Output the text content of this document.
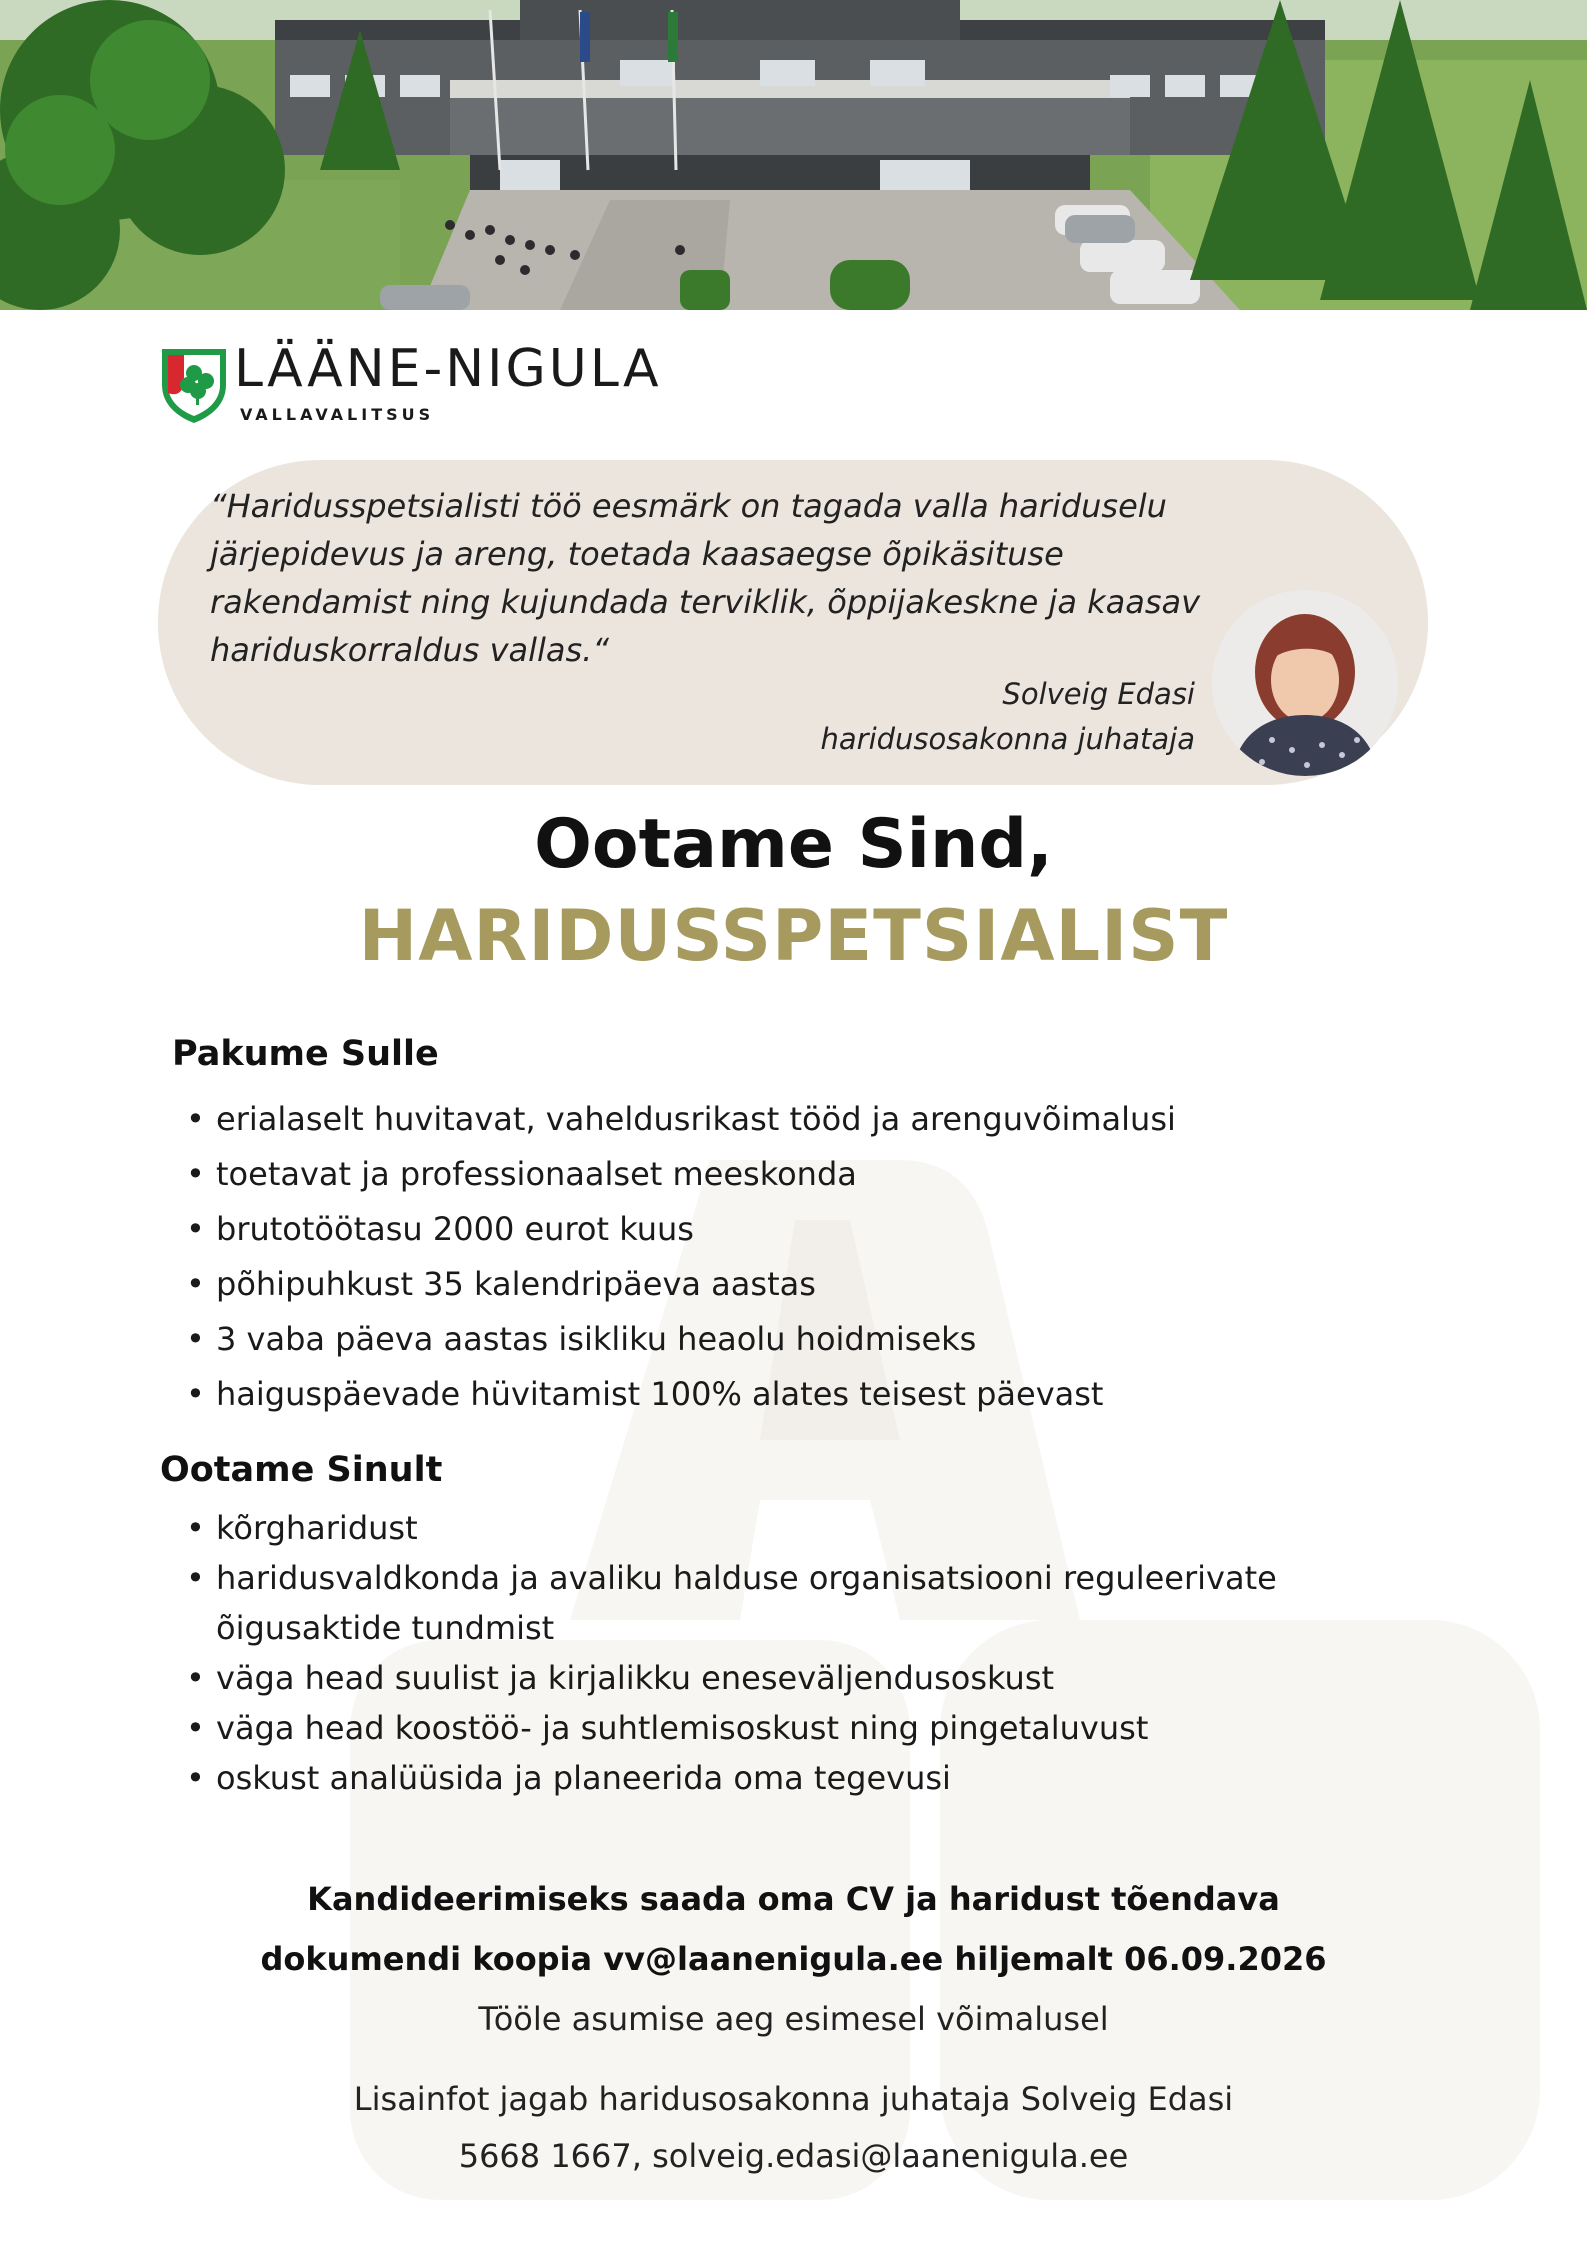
LÄÄNE-NIGULA
VALLAVALITSUS
“Haridusspetsialisti töö eesmärk on tagada valla hariduselu järjepidevus ja areng, toetada kaasaegse õpikäsituse rakendamist ning kujundada terviklik, õppijakeskne ja kaasav hariduskorraldus vallas.“
Solveig Edasi
haridusosakonna juhataja
Ootame Sind,
HARIDUSSPETSIALIST
Pakume Sulle
• erialaselt huvitavat, vaheldusrikast tööd ja arenguvõimalusi
• toetavat ja professionaalset meeskonda
• brutotöötasu 2000 eurot kuus
• põhipuhkust 35 kalendripäeva aastas
• 3 vaba päeva aastas isikliku heaolu hoidmiseks
• haiguspäevade hüvitamist 100% alates teisest päevast
Ootame Sinult
• kõrgharidust
• haridusvaldkonda ja avaliku halduse organisatsiooni reguleerivate õigusaktide tundmist
• väga head suulist ja kirjalikku eneseväljendusoskust
• väga head koostöö- ja suhtlemisoskust ning pingetaluvust
• oskust analüüsida ja planeerida oma tegevusi
Kandideerimiseks saada oma CV ja haridust tõendava
dokumendi koopia vv@laanenigula.ee hiljemalt 06.09.2026
Tööle asumise aeg esimesel võimalusel
Lisainfot jagab haridusosakonna juhataja Solveig Edasi
5668 1667, solveig.edasi@laanenigula.ee
